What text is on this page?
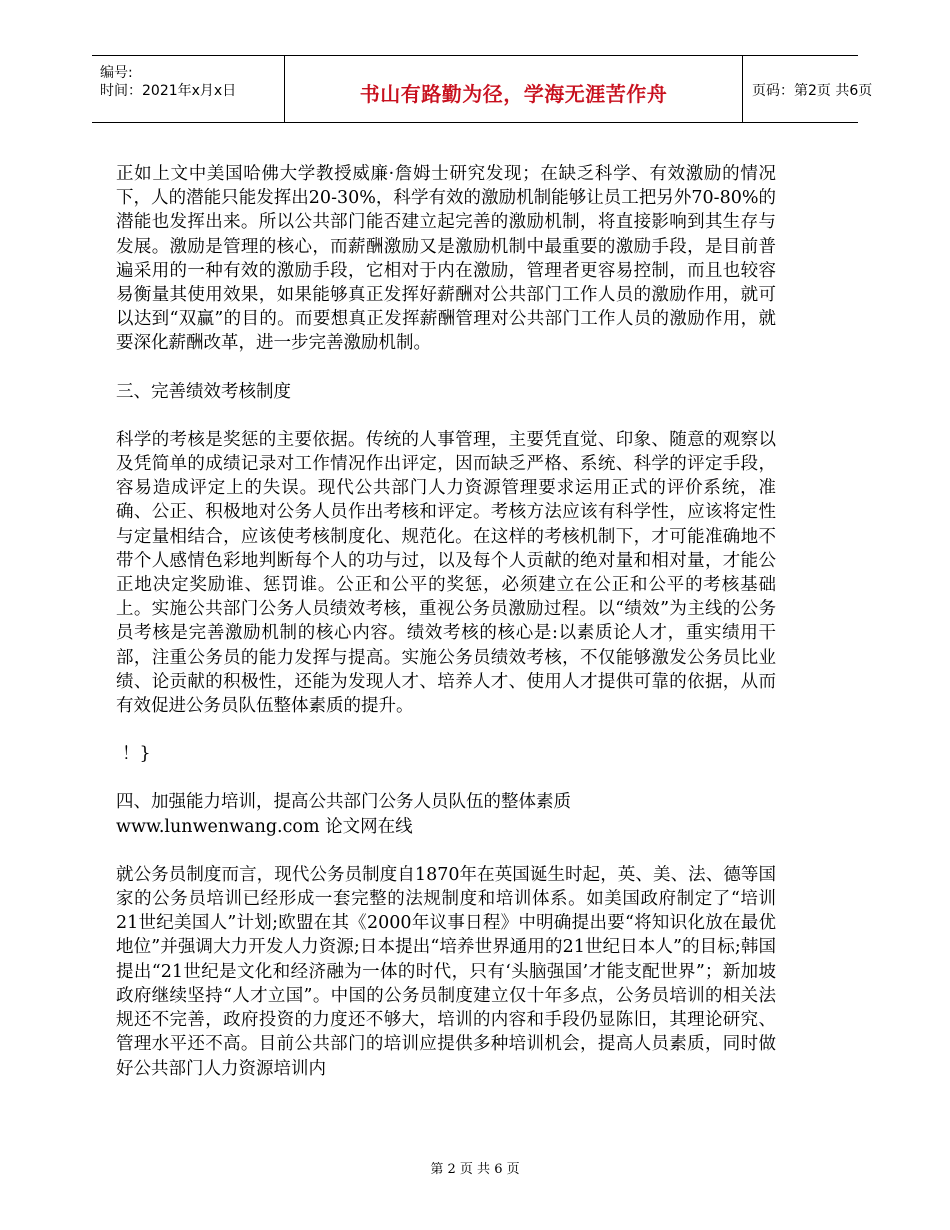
编号:
时间：2021年x月x日	书山有路勤为径，学海无涯苦作舟	页码：第2页 共6页

正如上文中美国哈佛大学教授威廉·詹姆士研究发现；在缺乏科学、有效激励的情况下，人的潜能只能发挥出20-30%，科学有效的激励机制能够让员工把另外70-80%的潜能也发挥出来。所以公共部门能否建立起完善的激励机制，将直接影响到其生存与发展。激励是管理的核心，而薪酬激励又是激励机制中最重要的激励手段，是目前普遍采用的一种有效的激励手段，它相对于内在激励，管理者更容易控制，而且也较容易衡量其使用效果，如果能够真正发挥好薪酬对公共部门工作人员的激励作用，就可以达到“双赢”的目的。而要想真正发挥薪酬管理对公共部门工作人员的激励作用，就要深化薪酬改革，进一步完善激励机制。

三、完善绩效考核制度

科学的考核是奖惩的主要依据。传统的人事管理，主要凭直觉、印象、随意的观察以及凭简单的成绩记录对工作情况作出评定，因而缺乏严格、系统、科学的评定手段，容易造成评定上的失误。现代公共部门人力资源管理要求运用正式的评价系统，准确、公正、积极地对公务人员作出考核和评定。考核方法应该有科学性，应该将定性与定量相结合，应该使考核制度化、规范化。在这样的考核机制下，才可能准确地不带个人感情色彩地判断每个人的功与过，以及每个人贡献的绝对量和相对量，才能公正地决定奖励谁、惩罚谁。公正和公平的奖惩，必须建立在公正和公平的考核基础上。实施公共部门公务人员绩效考核，重视公务员激励过程。以“绩效”为主线的公务员考核是完善激励机制的核心内容。绩效考核的核心是:以素质论人才，重实绩用干部，注重公务员的能力发挥与提高。实施公务员绩效考核，不仅能够激发公务员比业绩、论贡献的积极性，还能为发现人才、培养人才、使用人才提供可靠的依据，从而有效促进公务员队伍整体素质的提升。

！}

四、加强能力培训，提高公共部门公务人员队伍的整体素质

www.lunwenwang.com 论文网在线

就公务员制度而言，现代公务员制度自1870年在英国诞生时起，英、美、法、德等国家的公务员培训已经形成一套完整的法规制度和培训体系。如美国政府制定了“培训21世纪美国人”计划;欧盟在其《2000年议事日程》中明确提出要“将知识化放在最优地位”并强调大力开发人力资源;日本提出“培养世界通用的21世纪日本人”的目标;韩国提出“21世纪是文化和经济融为一体的时代，只有‘头脑强国’才能支配世界”；新加坡政府继续坚持“人才立国”。中国的公务员制度建立仅十年多点，公务员培训的相关法规还不完善，政府投资的力度还不够大，培训的内容和手段仍显陈旧，其理论研究、管理水平还不高。目前公共部门的培训应提供多种培训机会，提高人员素质，同时做好公共部门人力资源培训内

第 2 页 共 6 页
